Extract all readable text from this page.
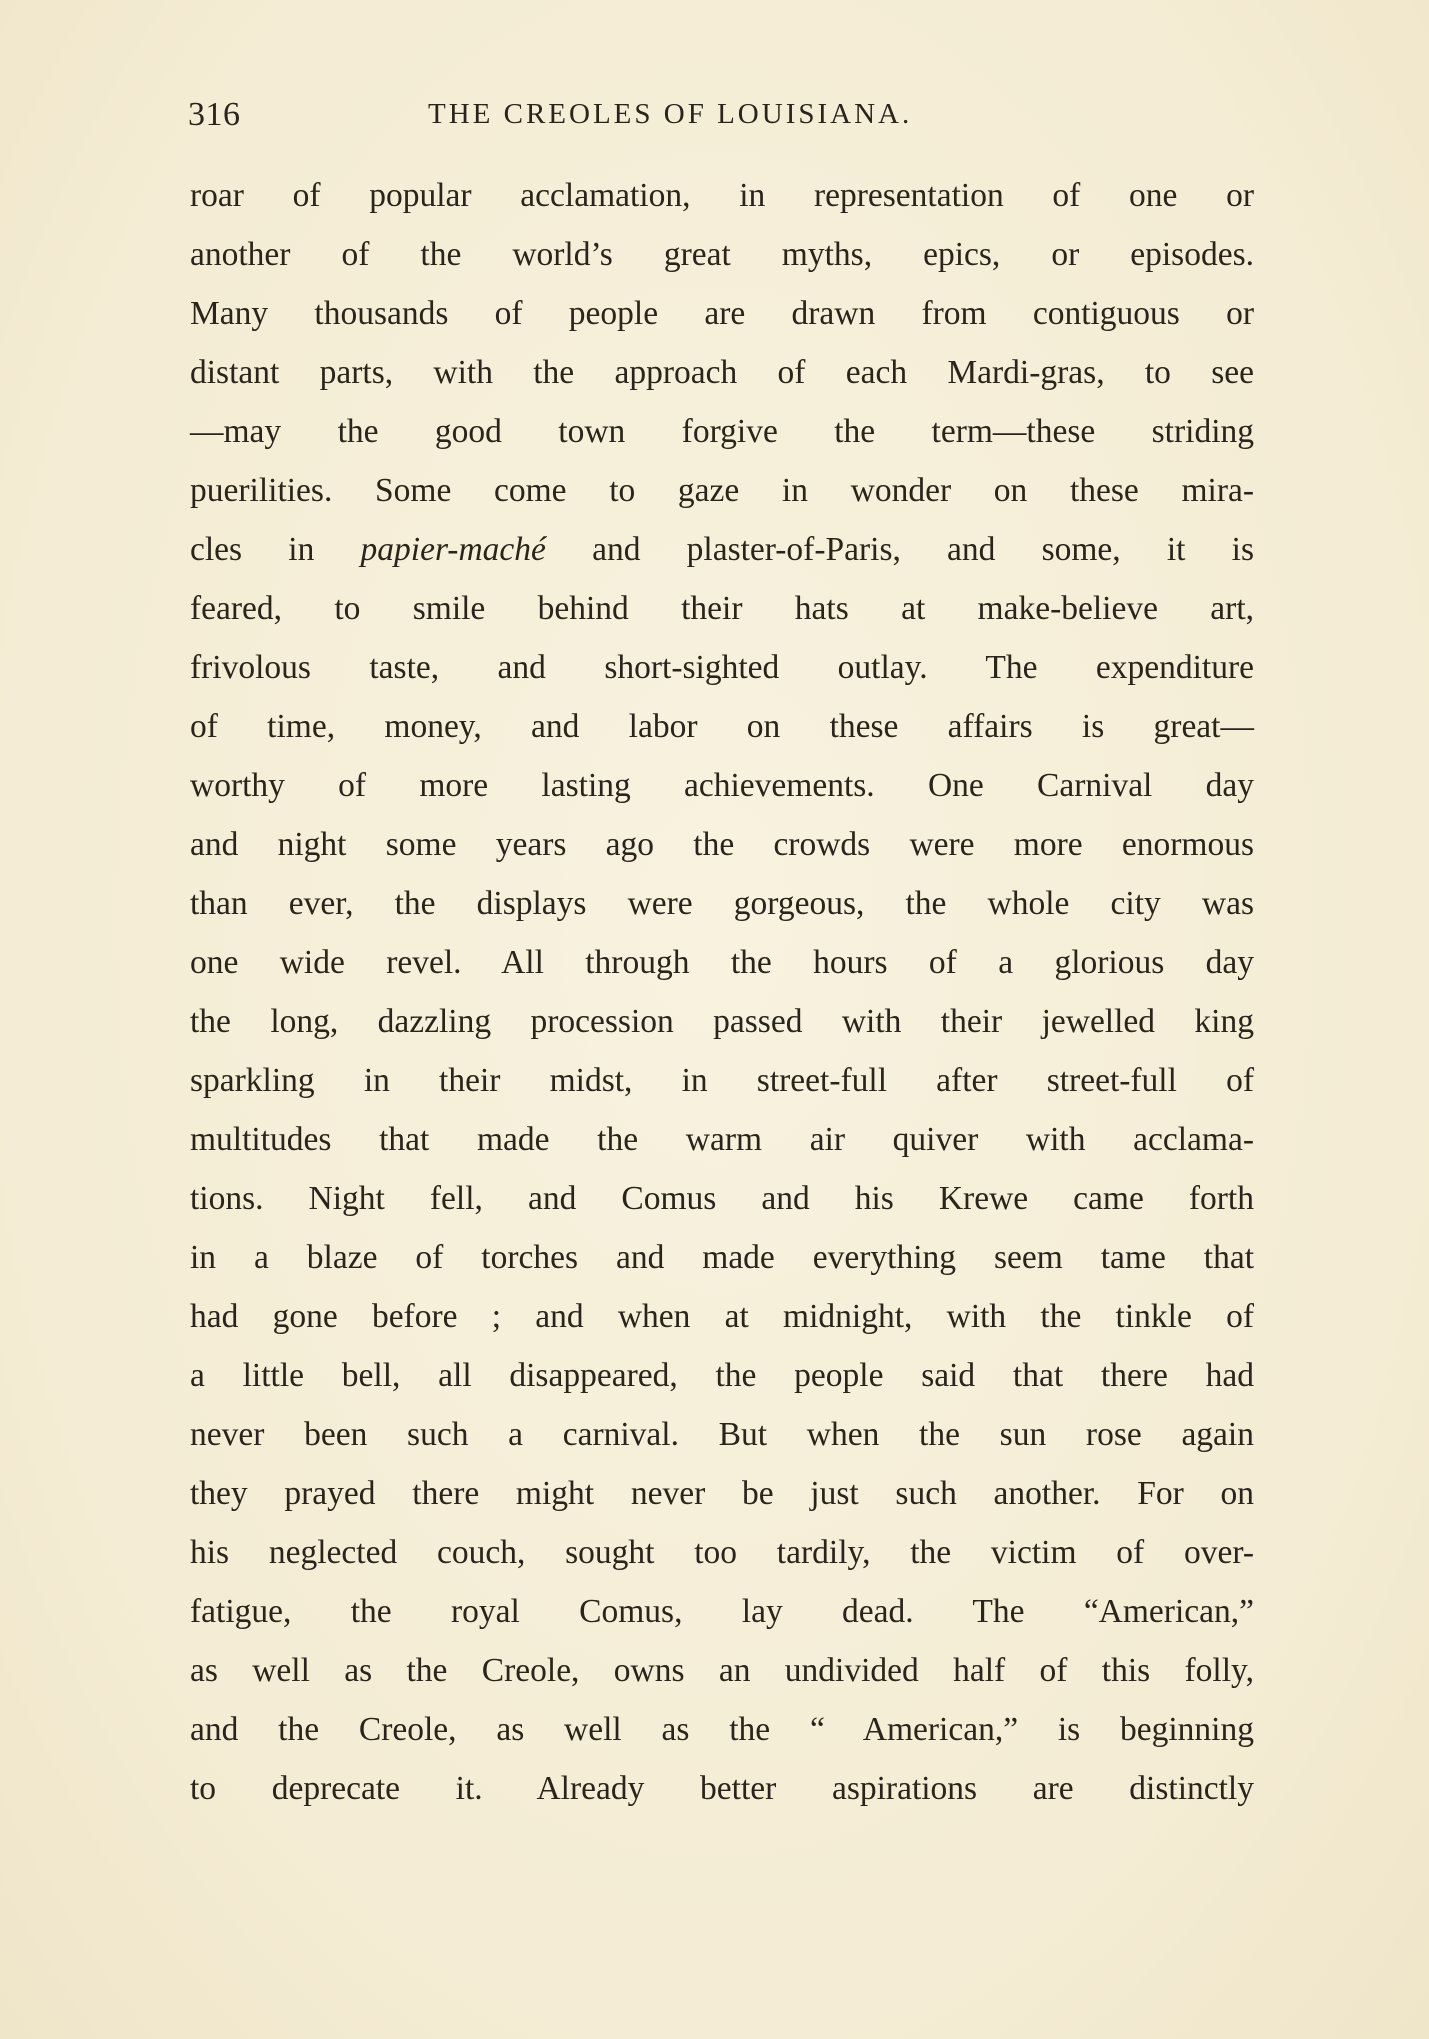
316	THE CREOLES OF LOUISIANA.
roar of popular acclamation, in representation of one or
another of the world’s great myths, epics, or episodes.
Many thousands of people are drawn from contiguous or
distant parts, with the approach of each Mardi-gras, to see
—may the good town forgive the term—these striding
puerilities. Some come to gaze in wonder on these mira-
cles in papier-maché and plaster-of-Paris, and some, it is
feared, to smile behind their hats at make-believe art,
frivolous taste, and short-sighted outlay. The expenditure
of time, money, and labor on these affairs is great—
worthy of more lasting achievements. One Carnival day
and night some years ago the crowds were more enormous
than ever, the displays were gorgeous, the whole city was
one wide revel. All through the hours of a glorious day
the long, dazzling procession passed with their jewelled king
sparkling in their midst, in street-full after street-full of
multitudes that made the warm air quiver with acclama-
tions. Night fell, and Comus and his Krewe came forth
in a blaze of torches and made everything seem tame that
had gone before ; and when at midnight, with the tinkle of
a little bell, all disappeared, the people said that there had
never been such a carnival. But when the sun rose again
they prayed there might never be just such another. For on
his neglected couch, sought too tardily, the victim of over-
fatigue, the royal Comus, lay dead. The “American,”
as well as the Creole, owns an undivided half of this folly,
and the Creole, as well as the “ American,” is beginning
to deprecate it. Already better aspirations are distinctly
